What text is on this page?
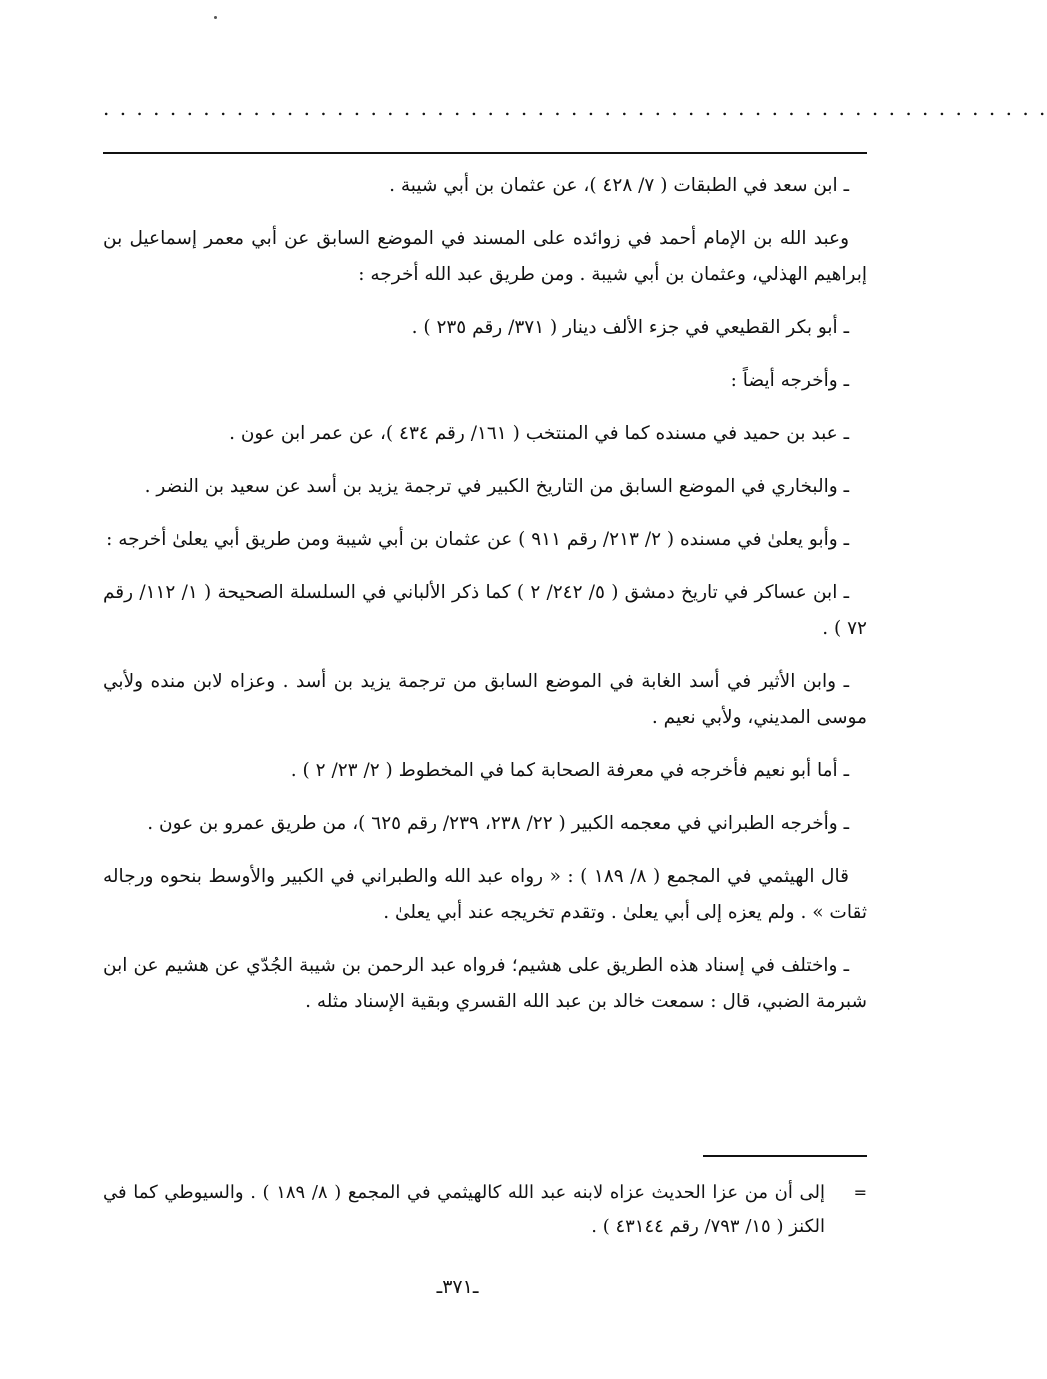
. . . . . . . . . . . . . . . . . . . . . . . . . . . . . . . . . . . . . . . . . . . . . . . . . . . . . . . . .

ـ ابن سعد في الطبقات ( ٧/ ٤٢٨ )، عن عثمان بن أبي شيبة .

وعبد الله بن الإمام أحمد في زوائده على المسند في الموضع السابق عن أبي معمر إسماعيل بن إبراهيم الهذلي، وعثمان بن أبي شيبة . ومن طريق عبد الله أخرجه :

ـ أبو بكر القطيعي في جزء الألف دينار ( ٣٧١/ رقم ٢٣٥ ) .

ـ وأخرجه أيضاً :

ـ عبد بن حميد في مسنده كما في المنتخب ( ١٦١/ رقم ٤٣٤ )، عن عمر ابن عون .

ـ والبخاري في الموضع السابق من التاريخ الكبير في ترجمة يزيد بن أسد عن سعيد بن النضر .

ـ وأبو يعلىٰ في مسنده ( ٢/ ٢١٣/ رقم ٩١١ ) عن عثمان بن أبي شيبة ومن طريق أبي يعلىٰ أخرجه :

ـ ابن عساكر في تاريخ دمشق ( ٥/ ٢٤٢/ ٢ ) كما ذكر الألباني في السلسلة الصحيحة ( ١/ ١١٢/ رقم ٧٢ ) .

ـ وابن الأثير في أسد الغابة في الموضع السابق من ترجمة يزيد بن أسد . وعزاه لابن منده ولأبي موسى المديني، ولأبي نعيم .

ـ أما أبو نعيم فأخرجه في معرفة الصحابة كما في المخطوط ( ٢/ ٢٣/ ٢ ) .

ـ وأخرجه الطبراني في معجمه الكبير ( ٢٢/ ٢٣٨، ٢٣٩/ رقم ٦٢٥ )، من طريق عمرو بن عون .

قال الهيثمي في المجمع ( ٨/ ١٨٩ ) : « رواه عبد الله والطبراني في الكبير والأوسط بنحوه ورجاله ثقات » . ولم يعزه إلى أبي يعلىٰ . وتقدم تخريجه عند أبي يعلىٰ .

ـ واختلف في إسناد هذه الطريق على هشيم؛ فرواه عبد الرحمن بن شيبة الجُدّي عن هشيم عن ابن شبرمة الضبي، قال : سمعت خالد بن عبد الله القسري وبقية الإسناد مثله .

=
إلى أن من عزا الحديث عزاه لابنه عبد الله كالهيثمي في المجمع ( ٨/ ١٨٩ ) . والسيوطي كما في الكنز ( ١٥/ ٧٩٣/ رقم ٤٣١٤٤ ) .
ـ٣٧١ـ
